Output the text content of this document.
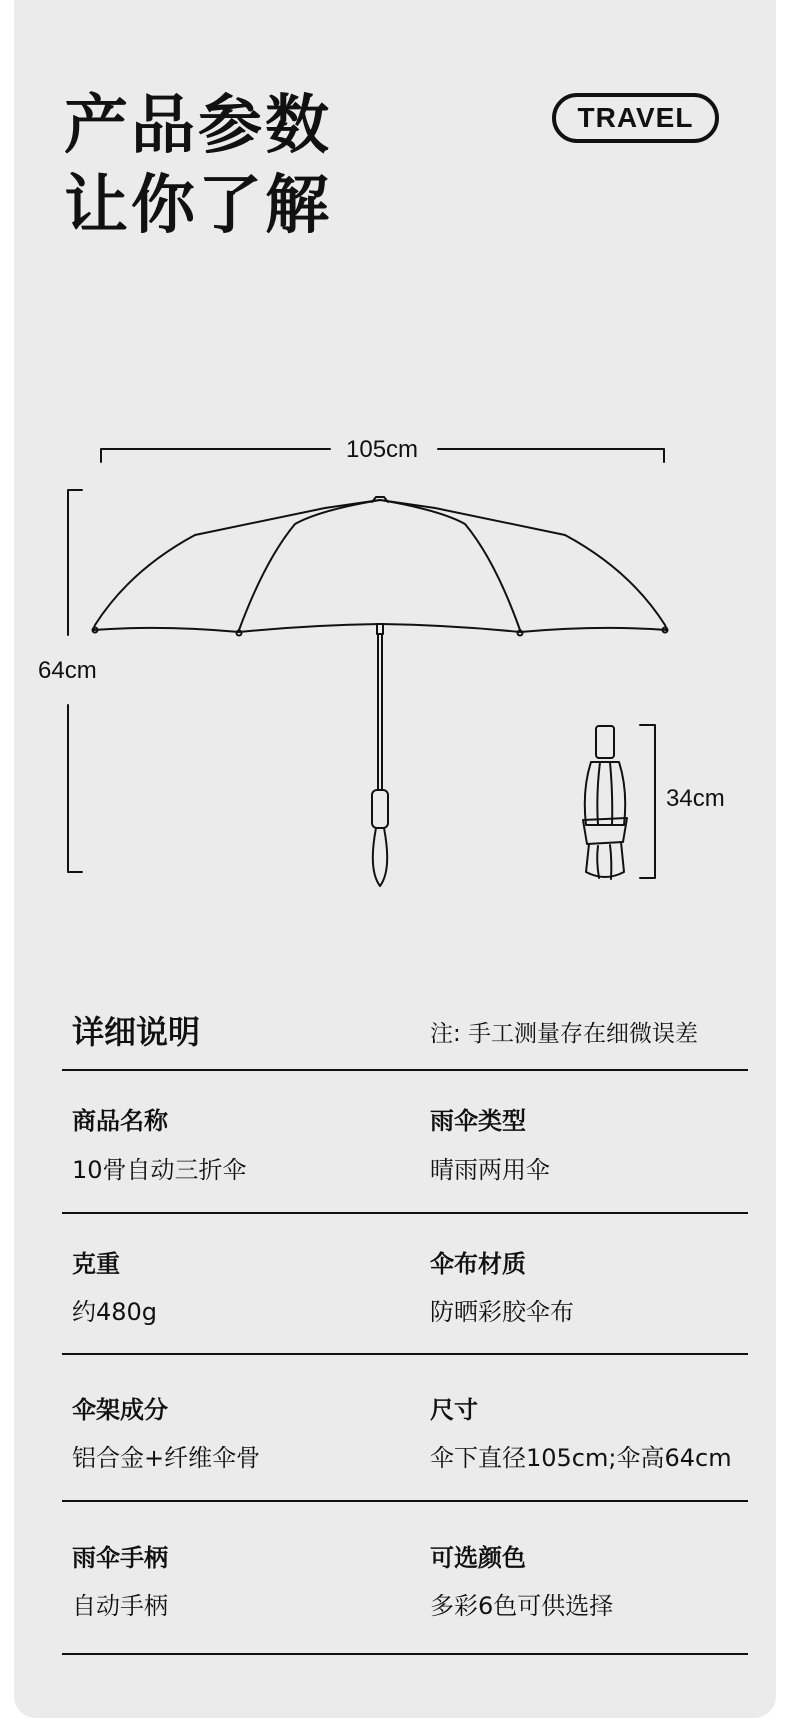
产品参数
让你了解
TRAVEL
105cm
64cm
34cm
详细说明	注: 手工测量存在细微误差
商品名称
10骨自动三折伞
雨伞类型
晴雨两用伞
克重
约480g
伞布材质
防晒彩胶伞布
伞架成分
铝合金+纤维伞骨
尺寸
伞下直径105cm;伞高64cm
雨伞手柄
自动手柄
可选颜色
多彩6色可供选择
